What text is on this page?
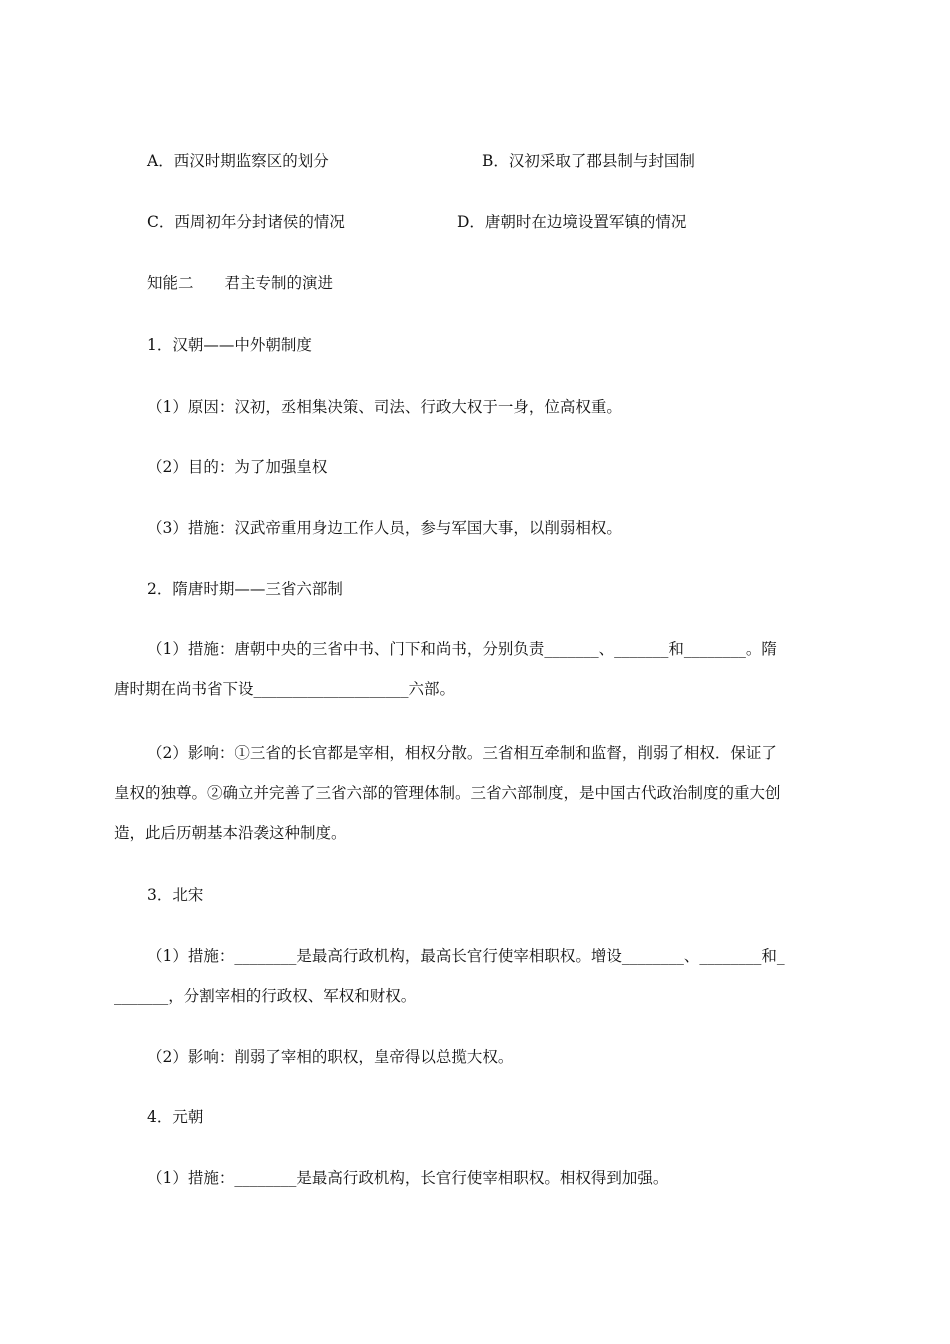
A．西汉时期监察区的划分	B．汉初采取了郡县制与封国制
C．西周初年分封诸侯的情况	D．唐朝时在边境设置军镇的情况
知能二　　君主专制的演进
1．汉朝——中外朝制度
（1）原因：汉初，丞相集决策、司法、行政大权于一身，位高权重。
（2）目的：为了加强皇权
（3）措施：汉武帝重用身边工作人员，参与军国大事，以削弱相权。
2．隋唐时期——三省六部制
（1）措施：唐朝中央的三省中书、门下和尚书，分别负责_______、_______和________。隋
唐时期在尚书省下设____________________六部。
（2）影响：①三省的长官都是宰相，相权分散。三省相互牵制和监督，削弱了相权．保证了
皇权的独尊。②确立并完善了三省六部的管理体制。三省六部制度，是中国古代政治制度的重大创
造，此后历朝基本沿袭这种制度。
3．北宋
（1）措施：________是最高行政机构，最高长官行使宰相职权。增设________、________和_
_______，分割宰相的行政权、军权和财权。
（2）影响：削弱了宰相的职权，皇帝得以总揽大权。
4．元朝
（1）措施：________是最高行政机构，长官行使宰相职权。相权得到加强。
